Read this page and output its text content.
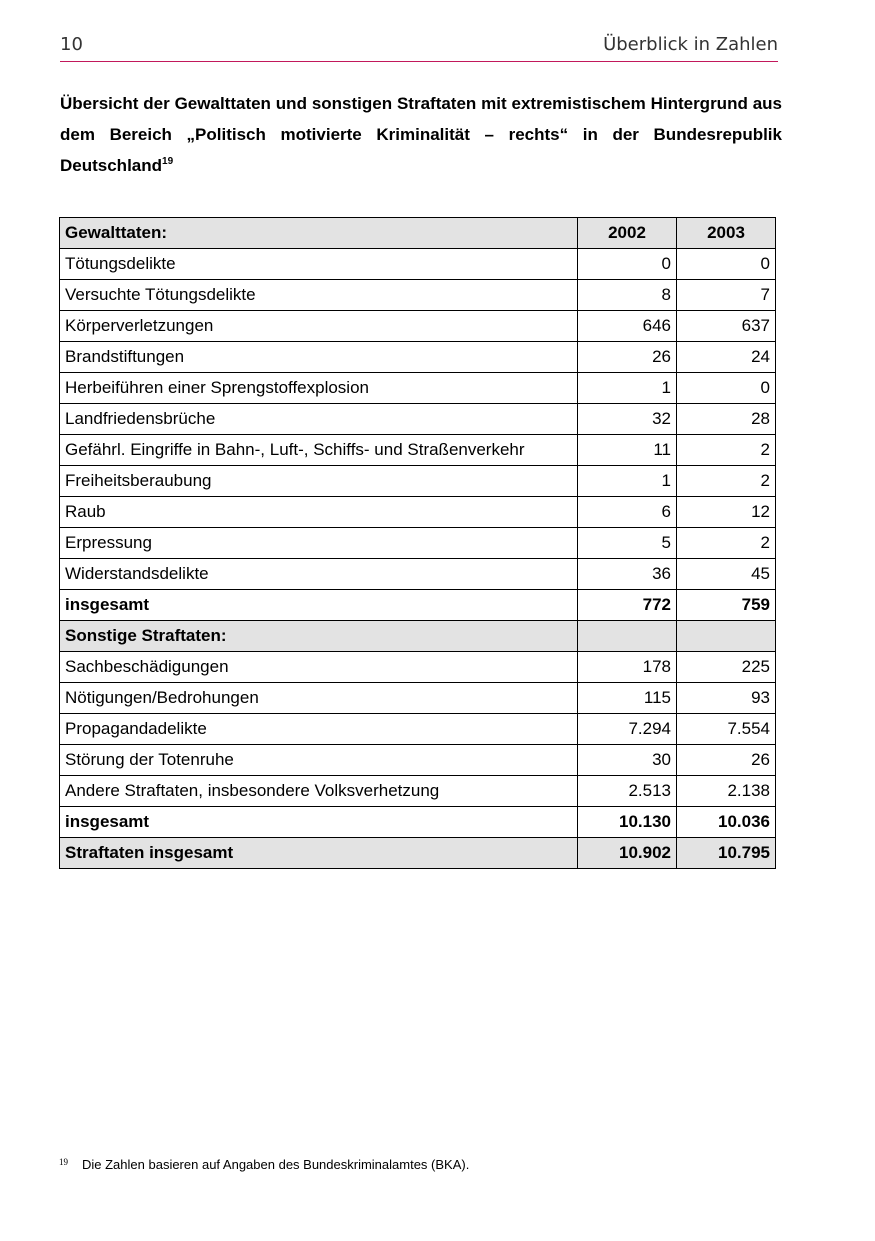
10	Überblick in Zahlen
Übersicht der Gewalttaten und sonstigen Straftaten mit extremistischem Hintergrund aus dem Bereich „Politisch motivierte Kriminalität – rechts“ in der Bundesrepublik Deutschland$^{19}$
Gewalttaten:	2002	2003
Tötungsdelikte	0	0
Versuchte Tötungsdelikte	8	7
Körperverletzungen	646	637
Brandstiftungen	26	24
Herbeiführen einer Sprengstoffexplosion	1	0
Landfriedensbrüche	32	28
Gefährl. Eingriffe in Bahn-, Luft-, Schiffs- und Straßenverkehr	11	2
Freiheitsberaubung	1	2
Raub	6	12
Erpressung	5	2
Widerstandsdelikte	36	45
insgesamt	772	759
Sonstige Straftaten:		
Sachbeschädigungen	178	225
Nötigungen/Bedrohungen	115	93
Propagandadelikte	7.294	7.554
Störung der Totenruhe	30	26
Andere Straftaten, insbesondere Volksverhetzung	2.513	2.138
insgesamt	10.130	10.036
Straftaten insgesamt	10.902	10.795
$^{19}$ Die Zahlen basieren auf Angaben des Bundeskriminalamtes (BKA).
